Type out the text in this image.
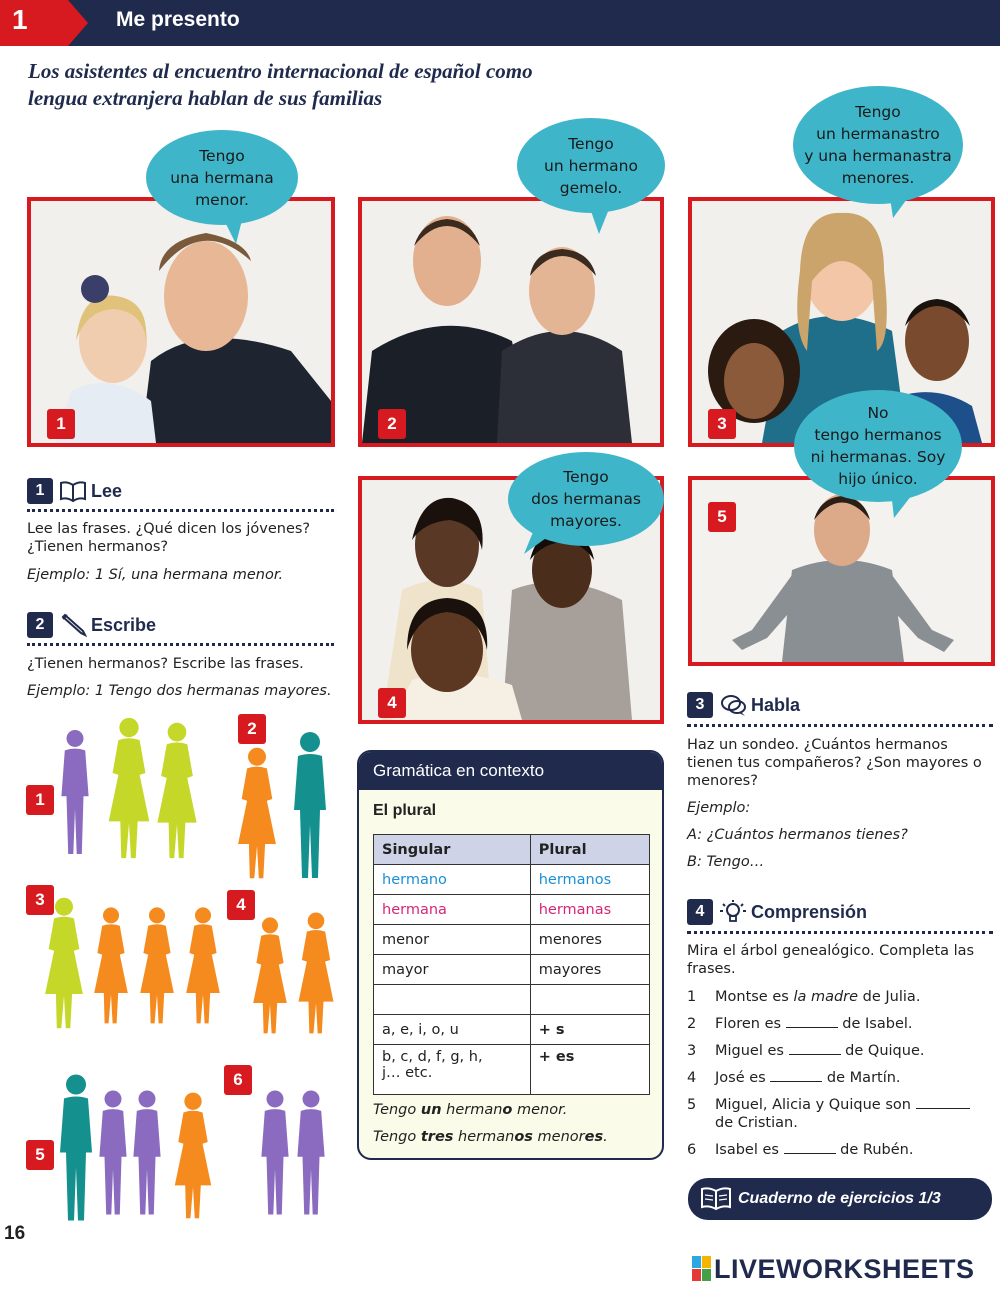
1	Me presento
Los asistentes al encuentro internacional de español como
lengua extranjera hablan de sus familias
1
Tengo
una hermana
menor.
2
Tengo
un hermano
gemelo.
3
Tengo
un hermanastro
y una hermanastra
menores.
4
Tengo
dos hermanas
mayores.	5
No
tengo hermanos
ni hermanas. Soy
hijo único.
1	Lee
Lee las frases. ¿Qué dicen los jóvenes?
¿Tienen hermanos?
Ejemplo: 1 Sí, una hermana menor.
2	Escribe
¿Tienen hermanos? Escribe las frases.
Ejemplo: 1 Tengo dos hermanas mayores.
1
2
3	4
5
6
Gramática en contexto
El plural
Singular	Plural
hermano	hermanos
hermana	hermanas
menor	menores
mayor	mayores

a, e, i, o, u	+ s
b, c, d, f, g, h,
j… etc.	+ es
Tengo un hermano menor.
Tengo tres hermanos menores.
3	Habla
Haz un sondeo. ¿Cuántos hermanos tienen tus compañeros? ¿Son mayores o menores?
Ejemplo:
A: ¿Cuántos hermanos tienes?
B: Tengo…
4	Comprensión
Mira el árbol genealógico. Completa las frases.
1 Montse es la madre de Julia.
2 Floren es	de Isabel.
3 Miguel es	de Quique.
4 José es	de Martín.
5 Miguel, Alicia y Quique son
de Cristian.
6 Isabel es	de Rubén.
Cuaderno de ejercicios 1/3
16
LIVEWORKSHEETS
